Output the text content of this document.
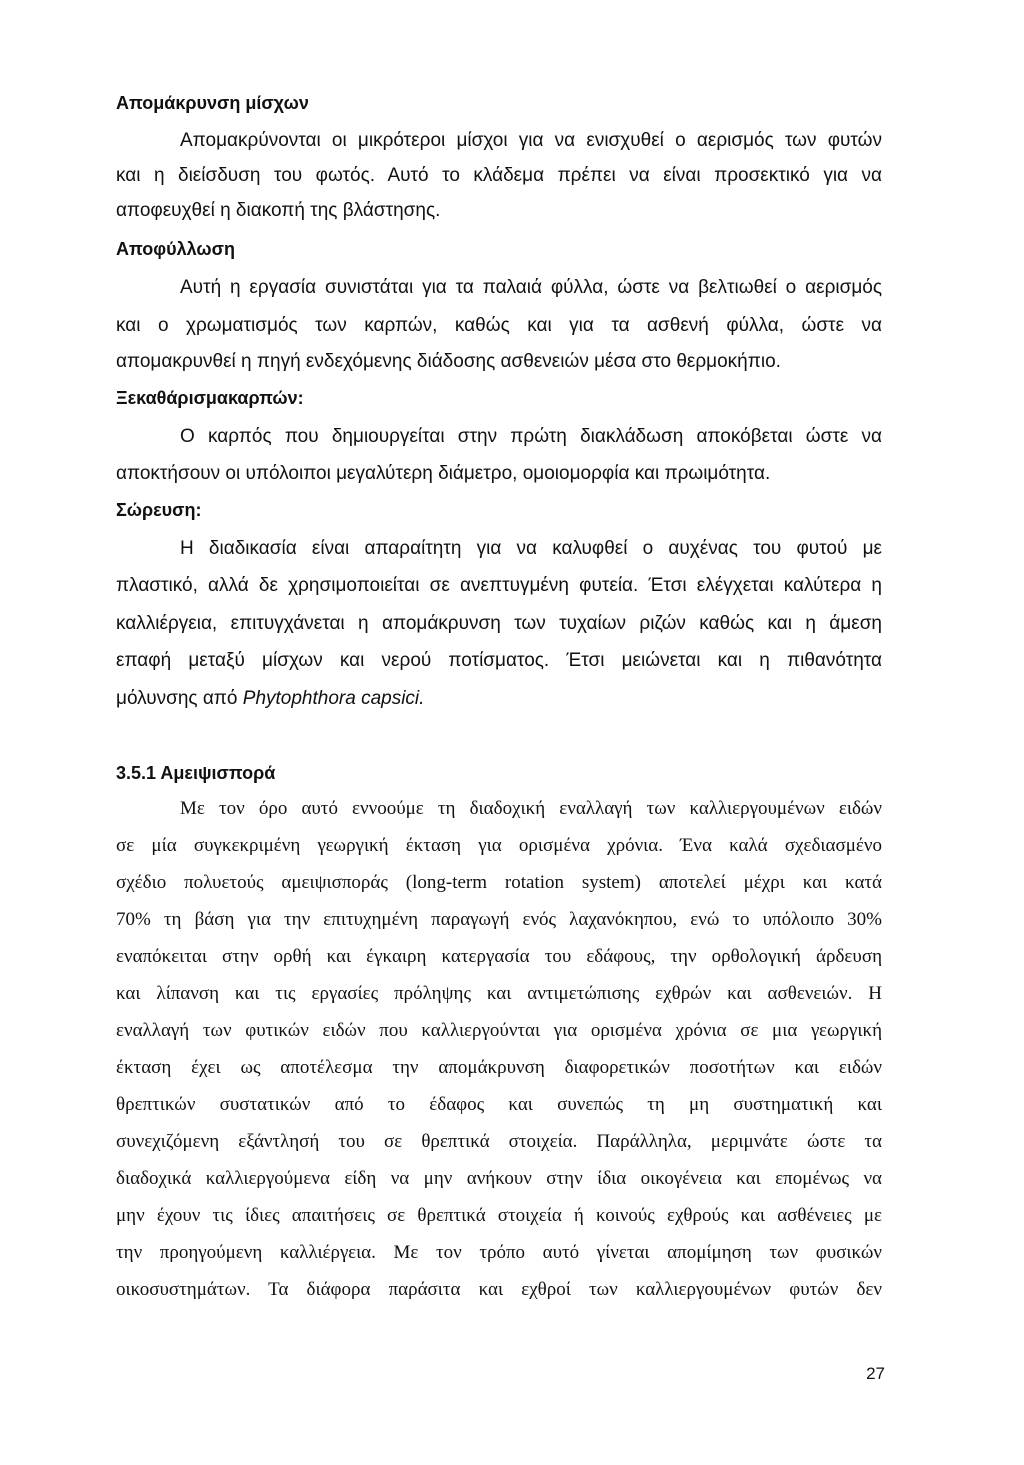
Απομάκρυνση μίσχων
Απομακρύνονται οι μικρότεροι μίσχοι για να ενισχυθεί ο αερισμός των φυτών
και η διείσδυση του φωτός. Αυτό το κλάδεμα πρέπει να είναι προσεκτικό για να
αποφευχθεί η διακοπή της βλάστησης.
Αποφύλλωση
Αυτή η εργασία συνιστάται για τα παλαιά φύλλα, ώστε να βελτιωθεί ο αερισμός
και ο χρωματισμός των καρπών, καθώς και για τα ασθενή φύλλα, ώστε να
απομακρυνθεί η πηγή ενδεχόμενης διάδοσης ασθενειών μέσα στο θερμοκήπιο.
Ξεκαθάρισμακαρπών:
Ο καρπός που δημιουργείται στην πρώτη διακλάδωση αποκόβεται ώστε να
αποκτήσουν οι υπόλοιποι μεγαλύτερη διάμετρο, ομοιομορφία και πρωιμότητα.
Σώρευση:
Η διαδικασία είναι απαραίτητη για να καλυφθεί ο αυχένας του φυτού με
πλαστικό, αλλά δε χρησιμοποιείται σε ανεπτυγμένη φυτεία. Έτσι ελέγχεται καλύτερα η
καλλιέργεια, επιτυγχάνεται η απομάκρυνση των τυχαίων ριζών καθώς και η άμεση
επαφή μεταξύ μίσχων και νερού ποτίσματος. Έτσι μειώνεται και η πιθανότητα
μόλυνσης από Phytophthora capsici.
3.5.1 Αμειψισπορά
Με τον όρο αυτό εννοούμε τη διαδοχική εναλλαγή των καλλιεργουμένων ειδών
σε μία συγκεκριμένη γεωργική έκταση για ορισμένα χρόνια. Ένα καλά σχεδιασμένο
σχέδιο πολυετούς αμειψισποράς (long-term rotation system) αποτελεί μέχρι και κατά
70% τη βάση για την επιτυχημένη παραγωγή ενός λαχανόκηπου, ενώ το υπόλοιπο 30%
εναπόκειται στην ορθή και έγκαιρη κατεργασία του εδάφους, την ορθολογική άρδευση
και λίπανση και τις εργασίες πρόληψης και αντιμετώπισης εχθρών και ασθενειών. Η
εναλλαγή των φυτικών ειδών που καλλιεργούνται για ορισμένα χρόνια σε μια γεωργική
έκταση έχει ως αποτέλεσμα την απομάκρυνση διαφορετικών ποσοτήτων και ειδών
θρεπτικών συστατικών από το έδαφος και συνεπώς τη μη συστηματική και
συνεχιζόμενη εξάντλησή του σε θρεπτικά στοιχεία. Παράλληλα, μεριμνάτε ώστε τα
διαδοχικά καλλιεργούμενα είδη να μην ανήκουν στην ίδια οικογένεια και επομένως να
μην έχουν τις ίδιες απαιτήσεις σε θρεπτικά στοιχεία ή κοινούς εχθρούς και ασθένειες με
την προηγούμενη καλλιέργεια. Με τον τρόπο αυτό γίνεται απομίμηση των φυσικών
οικοσυστημάτων. Τα διάφορα παράσιτα και εχθροί των καλλιεργουμένων φυτών δεν
27
